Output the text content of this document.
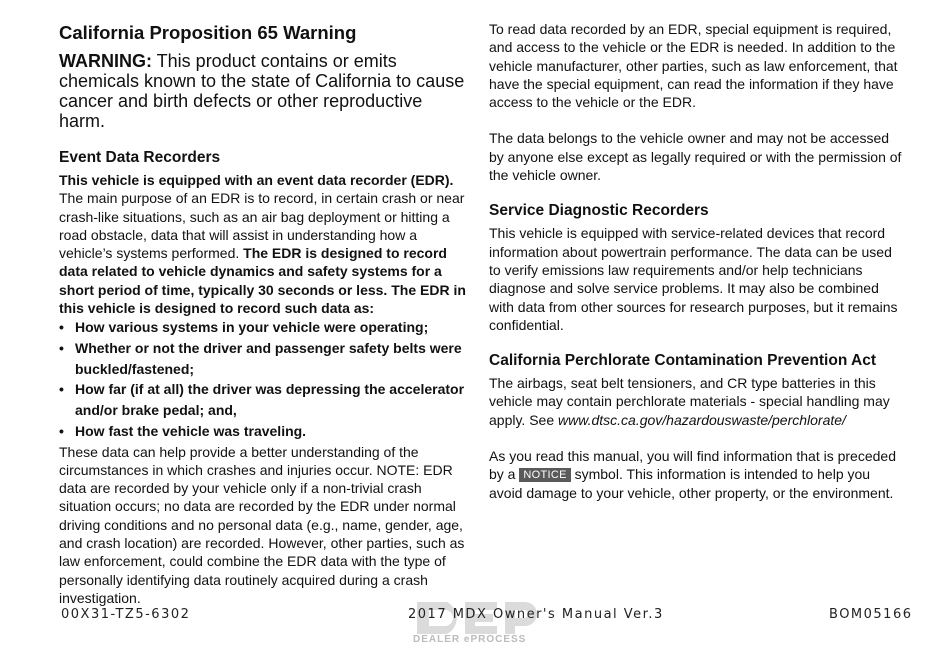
California Proposition 65 Warning
WARNING: This product contains or emits chemicals known to the state of California to cause cancer and birth defects or other reproductive harm.
Event Data Recorders

This vehicle is equipped with an event data recorder (EDR).

The main purpose of an EDR is to record, in certain crash or near crash-like situations, such as an air bag deployment or hitting a road obstacle, data that will assist in understanding how a vehicle’s systems performed. The EDR is designed to record data related to vehicle dynamics and safety systems for a short period of time, typically 30 seconds or less. The EDR in this vehicle is designed to record such data as:

• How various systems in your vehicle were operating;
• Whether or not the driver and passenger safety belts were buckled/fastened;
• How far (if at all) the driver was depressing the accelerator and/or brake pedal; and,
• How fast the vehicle was traveling.

These data can help provide a better understanding of the circumstances in which crashes and injuries occur. NOTE: EDR data are recorded by your vehicle only if a non-trivial crash situation occurs; no data are recorded by the EDR under normal driving conditions and no personal data (e.g., name, gender, age, and crash location) are recorded. However, other parties, such as law enforcement, could combine the EDR data with the type of personally identifying data routinely acquired during a crash investigation.

To read data recorded by an EDR, special equipment is required, and access to the vehicle or the EDR is needed. In addition to the vehicle manufacturer, other parties, such as law enforcement, that have the special equipment, can read the information if they have access to the vehicle or the EDR.

The data belongs to the vehicle owner and may not be accessed by anyone else except as legally required or with the permission of the vehicle owner.

Service Diagnostic Recorders

This vehicle is equipped with service-related devices that record information about powertrain performance. The data can be used to verify emissions law requirements and/or help technicians diagnose and solve service problems. It may also be combined with data from other sources for research purposes, but it remains confidential.

California Perchlorate Contamination Prevention Act

The airbags, seat belt tensioners, and CR type batteries in this vehicle may contain perchlorate materials - special handling may apply. See www.dtsc.ca.gov/hazardouswaste/perchlorate/

As you read this manual, you will find information that is preceded by a NOTICE symbol. This information is intended to help you avoid damage to your vehicle, other property, or the environment.

DEALER ePROCESS
00X31-TZ5-6302	2017 MDX Owner's Manual Ver.3	BOM05166
